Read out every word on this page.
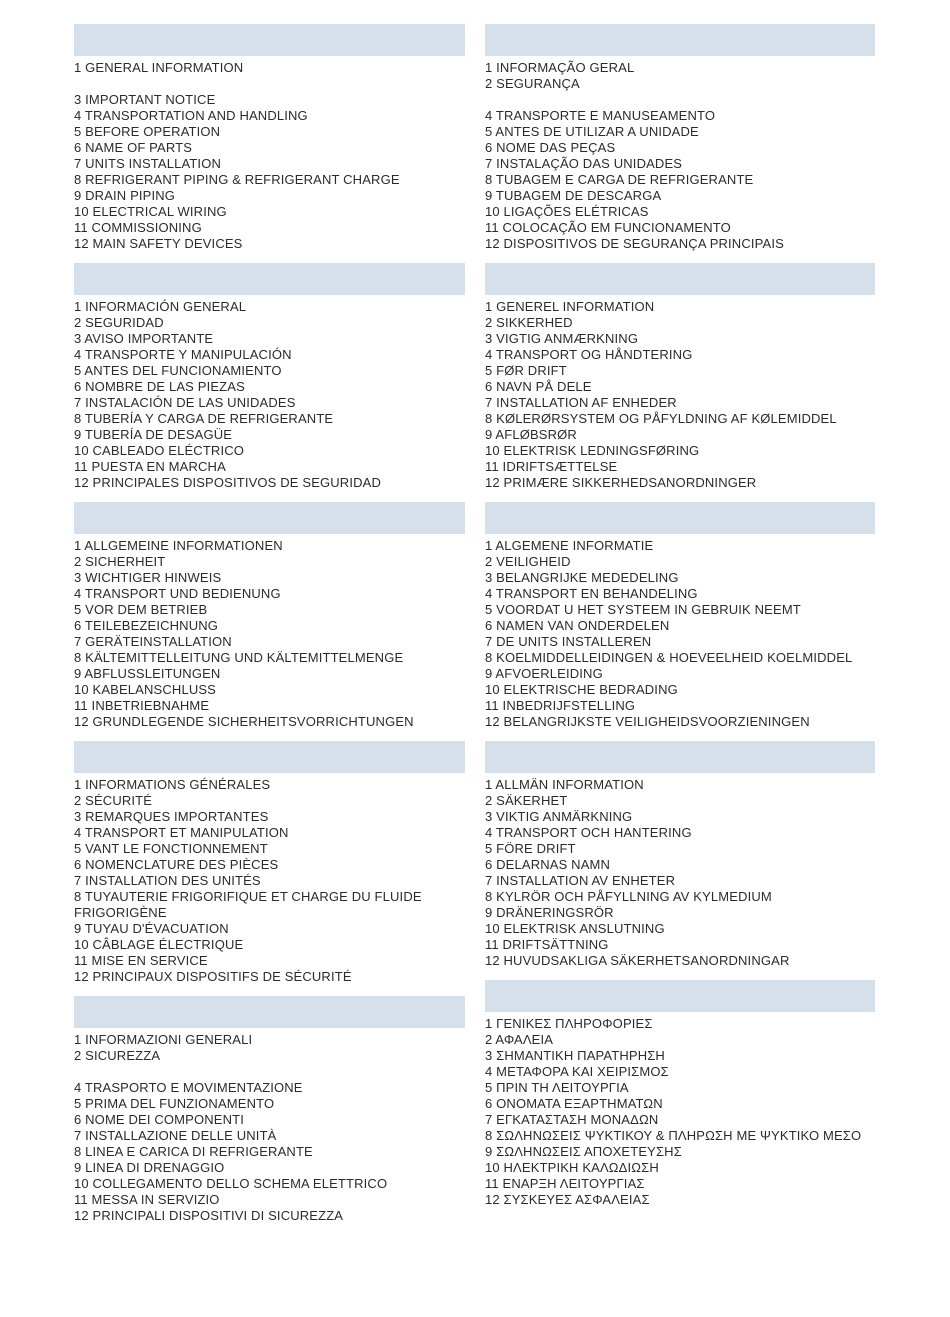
1 GENERAL INFORMATION
3 IMPORTANT NOTICE
4 TRANSPORTATION AND HANDLING
5 BEFORE OPERATION
6 NAME OF PARTS
7 UNITS INSTALLATION
8 REFRIGERANT PIPING & REFRIGERANT CHARGE
9 DRAIN PIPING
10 ELECTRICAL WIRING
11 COMMISSIONING
12 MAIN SAFETY DEVICES
1 INFORMACIÓN GENERAL
2 SEGURIDAD
3 AVISO IMPORTANTE
4 TRANSPORTE Y MANIPULACIÓN
5 ANTES DEL FUNCIONAMIENTO
6 NOMBRE DE LAS PIEZAS
7 INSTALACIÓN DE LAS UNIDADES
8 TUBERÍA Y CARGA DE REFRIGERANTE
9 TUBERÍA DE DESAGÜE
10 CABLEADO ELÉCTRICO
11 PUESTA EN MARCHA
12 PRINCIPALES DISPOSITIVOS DE SEGURIDAD
1 ALLGEMEINE INFORMATIONEN
2 SICHERHEIT
3 WICHTIGER HINWEIS
4 TRANSPORT UND BEDIENUNG
5 VOR DEM BETRIEB
6 TEILEBEZEICHNUNG
7 GERÄTEINSTALLATION
8 KÄLTEMITTELLEITUNG UND KÄLTEMITTELMENGE
9 ABFLUSSLEITUNGEN
10 KABELANSCHLUSS
11 INBETRIEBNAHME
12 GRUNDLEGENDE SICHERHEITSVORRICHTUNGEN
1 INFORMATIONS GÉNÉRALES
2 SÉCURITÉ
3 REMARQUES IMPORTANTES
4 TRANSPORT ET MANIPULATION
5 VANT LE FONCTIONNEMENT
6 NOMENCLATURE DES PIÈCES
7 INSTALLATION DES UNITÉS
8 TUYAUTERIE FRIGORIFIQUE ET CHARGE DU FLUIDE
FRIGORIGÈNE
9 TUYAU D'ÉVACUATION
10 CÂBLAGE ÉLECTRIQUE
11 MISE EN SERVICE
12 PRINCIPAUX DISPOSITIFS DE SÉCURITÉ
1 INFORMAZIONI GENERALI
2 SICUREZZA
4 TRASPORTO E MOVIMENTAZIONE
5 PRIMA DEL FUNZIONAMENTO
6 NOME DEI COMPONENTI
7 INSTALLAZIONE DELLE UNITÀ
8 LINEA E CARICA DI REFRIGERANTE
9 LINEA DI DRENAGGIO
10 COLLEGAMENTO DELLO SCHEMA ELETTRICO
11 MESSA IN SERVIZIO
12 PRINCIPALI DISPOSITIVI DI SICUREZZA
1 INFORMAÇÃO GERAL
2 SEGURANÇA
4 TRANSPORTE E MANUSEAMENTO
5 ANTES DE UTILIZAR A UNIDADE
6 NOME DAS PEÇAS
7 INSTALAÇÃO DAS UNIDADES
8 TUBAGEM E CARGA DE REFRIGERANTE
9 TUBAGEM DE DESCARGA
10 LIGAÇÕES ELÉTRICAS
11 COLOCAÇÃO EM FUNCIONAMENTO
12 DISPOSITIVOS DE SEGURANÇA PRINCIPAIS
1 GENEREL INFORMATION
2 SIKKERHED
3 VIGTIG ANMÆRKNING
4 TRANSPORT OG HÅNDTERING
5 FØR DRIFT
6 NAVN PÅ DELE
7 INSTALLATION AF ENHEDER
8 KØLERØRSYSTEM OG PÅFYLDNING AF KØLEMIDDEL
9 AFLØBSRØR
10 ELEKTRISK LEDNINGSFØRING
11 IDRIFTSÆTTELSE
12 PRIMÆRE SIKKERHEDSANORDNINGER
1 ALGEMENE INFORMATIE
2 VEILIGHEID
3 BELANGRIJKE MEDEDELING
4 TRANSPORT EN BEHANDELING
5 VOORDAT U HET SYSTEEM IN GEBRUIK NEEMT
6 NAMEN VAN ONDERDELEN
7 DE UNITS INSTALLEREN
8 KOELMIDDELLEIDINGEN & HOEVEELHEID KOELMIDDEL
9 AFVOERLEIDING
10 ELEKTRISCHE BEDRADING
11 INBEDRIJFSTELLING
12 BELANGRIJKSTE VEILIGHEIDSVOORZIENINGEN
1 ALLMÄN INFORMATION
2 SÄKERHET
3 VIKTIG ANMÄRKNING
4 TRANSPORT OCH HANTERING
5 FÖRE DRIFT
6 DELARNAS NAMN
7 INSTALLATION AV ENHETER
8 KYLRÖR OCH PÅFYLLNING AV KYLMEDIUM
9 DRÄNERINGSRÖR
10 ELEKTRISK ANSLUTNING
11 DRIFTSÄTTNING
12 HUVUDSAKLIGA SÄKERHETSANORDNINGAR
1 ΓΕΝΙΚΕΣ ΠΛΗΡΟΦΟΡΙΕΣ
2 ΑΦΑΛΕΙΑ
3 ΣΗΜΑΝΤΙΚΗ ΠΑΡΑΤΗΡΗΣΗ
4 ΜΕΤΑΦΟΡΑ ΚΑΙ ΧΕΙΡΙΣΜΟΣ
5 ΠΡΙΝ ΤΗ ΛΕΙΤΟΥΡΓΙΑ
6 ΟΝΟΜΑΤΑ ΕΞΑΡΤΗΜΑΤΩΝ
7 ΕΓΚΑΤΑΣΤΑΣΗ ΜΟΝΑΔΩΝ
8 ΣΩΛΗΝΩΣΕΙΣ ΨΥΚΤΙΚΟΥ & ΠΛΗΡΩΣΗ ΜΕ ΨΥΚΤΙΚΟ ΜΕΣΟ
9 ΣΩΛΗΝΩΣΕΙΣ ΑΠΟΧΕΤΕΥΣΗΣ
10 ΗΛΕΚΤΡΙΚΗ ΚΑΛΩΔΙΩΣΗ
11 ΕΝΑΡΞΗ ΛΕΙΤΟΥΡΓΙΑΣ
12 ΣΥΣΚΕΥΕΣ ΑΣΦΑΛΕΙΑΣ
